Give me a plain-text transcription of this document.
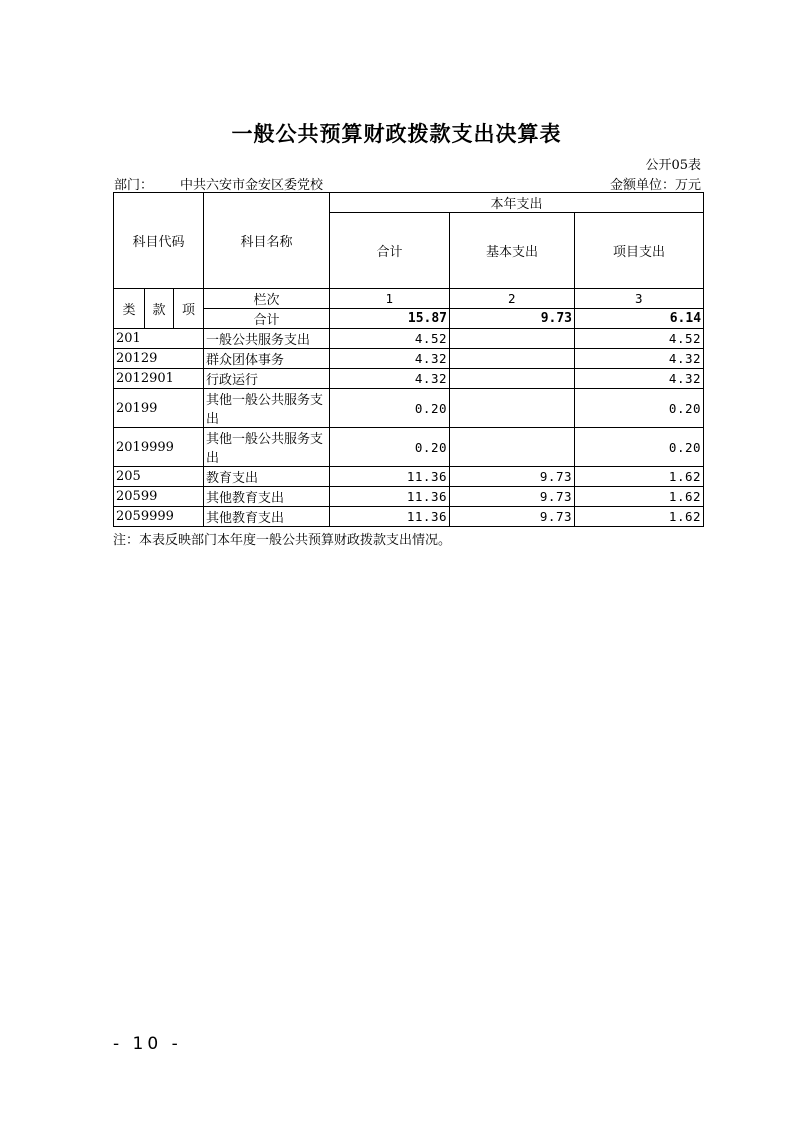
一般公共预算财政拨款支出决算表
公开05表
部门： 中共六安市金安区委党校	金额单位：万元
科目代码			科目名称	本年支出		
				合计	基本支出	项目支出

类	款	项	栏次	1	2	3
			合计	15.87	9.73	6.14
201			一般公共服务支出	4.52		4.52
20129			群众团体事务	4.32		4.32
2012901			行政运行	4.32		4.32
20199			其他一般公共服务支出	0.20		0.20
2019999			其他一般公共服务支出	0.20		0.20
205			教育支出	11.36	9.73	1.62
20599			其他教育支出	11.36	9.73	1.62
2059999			其他教育支出	11.36	9.73	1.62
注：本表反映部门本年度一般公共预算财政拨款支出情况。
- 10 -
